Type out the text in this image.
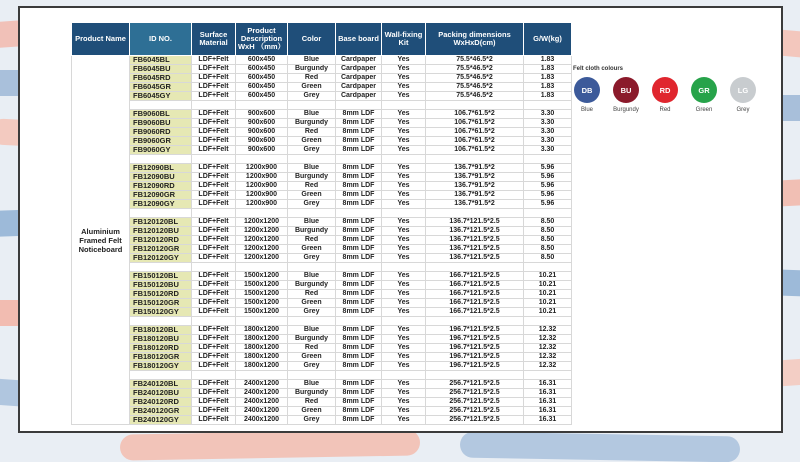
Product Name	ID NO.	Surface Material	Product Description WxH （mm）	Color	Base board	Wall-fixing Kit	Packing dimensions WxHxD(cm)	G/W(kg)
Aluminium Framed Felt Noticeboard	FB6045BL	LDF+Felt	600x450	Blue	Cardpaper	Yes	75.5*46.5*2	1.83
	FB6045BU	LDF+Felt	600x450	Burgundy	Cardpaper	Yes	75.5*46.5*2	1.83
	FB6045RD	LDF+Felt	600x450	Red	Cardpaper	Yes	75.5*46.5*2	1.83
	FB6045GR	LDF+Felt	600x450	Green	Cardpaper	Yes	75.5*46.5*2	1.83
	FB6045GY	LDF+Felt	600x450	Grey	Cardpaper	Yes	75.5*46.5*2	1.83

	FB9060BL	LDF+Felt	900x600	Blue	8mm LDF	Yes	106.7*61.5*2	3.30
	FB9060BU	LDF+Felt	900x600	Burgundy	8mm LDF	Yes	106.7*61.5*2	3.30
	FB9060RD	LDF+Felt	900x600	Red	8mm LDF	Yes	106.7*61.5*2	3.30
	FB9060GR	LDF+Felt	900x600	Green	8mm LDF	Yes	106.7*61.5*2	3.30
	FB9060GY	LDF+Felt	900x600	Grey	8mm LDF	Yes	106.7*61.5*2	3.30

	FB12090BL	LDF+Felt	1200x900	Blue	8mm LDF	Yes	136.7*91.5*2	5.96
	FB12090BU	LDF+Felt	1200x900	Burgundy	8mm LDF	Yes	136.7*91.5*2	5.96
	FB12090RD	LDF+Felt	1200x900	Red	8mm LDF	Yes	136.7*91.5*2	5.96
	FB12090GR	LDF+Felt	1200x900	Green	8mm LDF	Yes	136.7*91.5*2	5.96
	FB12090GY	LDF+Felt	1200x900	Grey	8mm LDF	Yes	136.7*91.5*2	5.96

	FB120120BL	LDF+Felt	1200x1200	Blue	8mm LDF	Yes	136.7*121.5*2.5	8.50
	FB120120BU	LDF+Felt	1200x1200	Burgundy	8mm LDF	Yes	136.7*121.5*2.5	8.50
	FB120120RD	LDF+Felt	1200x1200	Red	8mm LDF	Yes	136.7*121.5*2.5	8.50
	FB120120GR	LDF+Felt	1200x1200	Green	8mm LDF	Yes	136.7*121.5*2.5	8.50
	FB120120GY	LDF+Felt	1200x1200	Grey	8mm LDF	Yes	136.7*121.5*2.5	8.50

	FB150120BL	LDF+Felt	1500x1200	Blue	8mm LDF	Yes	166.7*121.5*2.5	10.21
	FB150120BU	LDF+Felt	1500x1200	Burgundy	8mm LDF	Yes	166.7*121.5*2.5	10.21
	FB150120RD	LDF+Felt	1500x1200	Red	8mm LDF	Yes	166.7*121.5*2.5	10.21
	FB150120GR	LDF+Felt	1500x1200	Green	8mm LDF	Yes	166.7*121.5*2.5	10.21
	FB150120GY	LDF+Felt	1500x1200	Grey	8mm LDF	Yes	166.7*121.5*2.5	10.21

	FB180120BL	LDF+Felt	1800x1200	Blue	8mm LDF	Yes	196.7*121.5*2.5	12.32
	FB180120BU	LDF+Felt	1800x1200	Burgundy	8mm LDF	Yes	196.7*121.5*2.5	12.32
	FB180120RD	LDF+Felt	1800x1200	Red	8mm LDF	Yes	196.7*121.5*2.5	12.32
	FB180120GR	LDF+Felt	1800x1200	Green	8mm LDF	Yes	196.7*121.5*2.5	12.32
	FB180120GY	LDF+Felt	1800x1200	Grey	8mm LDF	Yes	196.7*121.5*2.5	12.32

	FB240120BL	LDF+Felt	2400x1200	Blue	8mm LDF	Yes	256.7*121.5*2.5	16.31
	FB240120BU	LDF+Felt	2400x1200	Burgundy	8mm LDF	Yes	256.7*121.5*2.5	16.31
	FB240120RD	LDF+Felt	2400x1200	Red	8mm LDF	Yes	256.7*121.5*2.5	16.31
	FB240120GR	LDF+Felt	2400x1200	Green	8mm LDF	Yes	256.7*121.5*2.5	16.31
	FB240120GY	LDF+Felt	2400x1200	Grey	8mm LDF	Yes	256.7*121.5*2.5	16.31
Felt cloth colours
DB
Blue
BU
Burgundy
RD
Red
GR
Green
LG
Grey
